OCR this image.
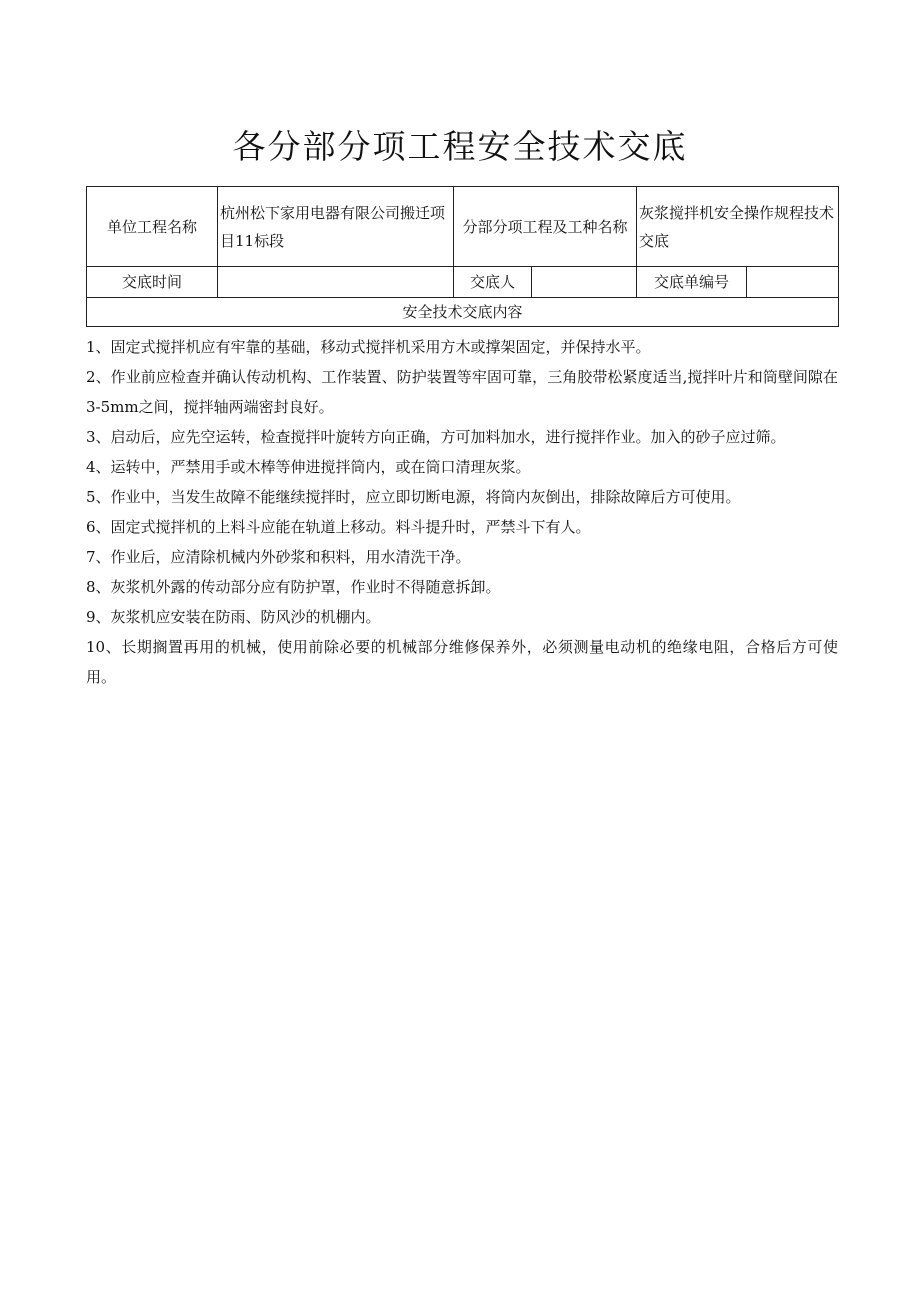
各分部分项工程安全技术交底
单位工程名称	杭州松下家用电器有限公司搬迁项目11标段	分部分项工程及工种名称		灰浆搅拌机安全操作规程技术交底	
交底时间		交底人		交底单编号	
安全技术交底内容					

1、固定式搅拌机应有牢靠的基础，移动式搅拌机采用方木或撑架固定，并保持水平。

2、作业前应检查并确认传动机构、工作装置、防护装置等牢固可靠，三角胶带松紧度适当,搅拌叶片和筒壁间隙在3-5mm之间，搅拌轴两端密封良好。

3、启动后，应先空运转，检查搅拌叶旋转方向正确，方可加料加水，进行搅拌作业。加入的砂子应过筛。

4、运转中，严禁用手或木棒等伸进搅拌筒内，或在筒口清理灰浆。

5、作业中，当发生故障不能继续搅拌时，应立即切断电源，将筒内灰倒出，排除故障后方可使用。

6、固定式搅拌机的上料斗应能在轨道上移动。料斗提升时，严禁斗下有人。

7、作业后，应清除机械内外砂浆和积料，用水清洗干净。

8、灰浆机外露的传动部分应有防护罩，作业时不得随意拆卸。

9、灰浆机应安装在防雨、防风沙的机棚内。

10、长期搁置再用的机械，使用前除必要的机械部分维修保养外，必须测量电动机的绝缘电阻，合格后方可使用。
